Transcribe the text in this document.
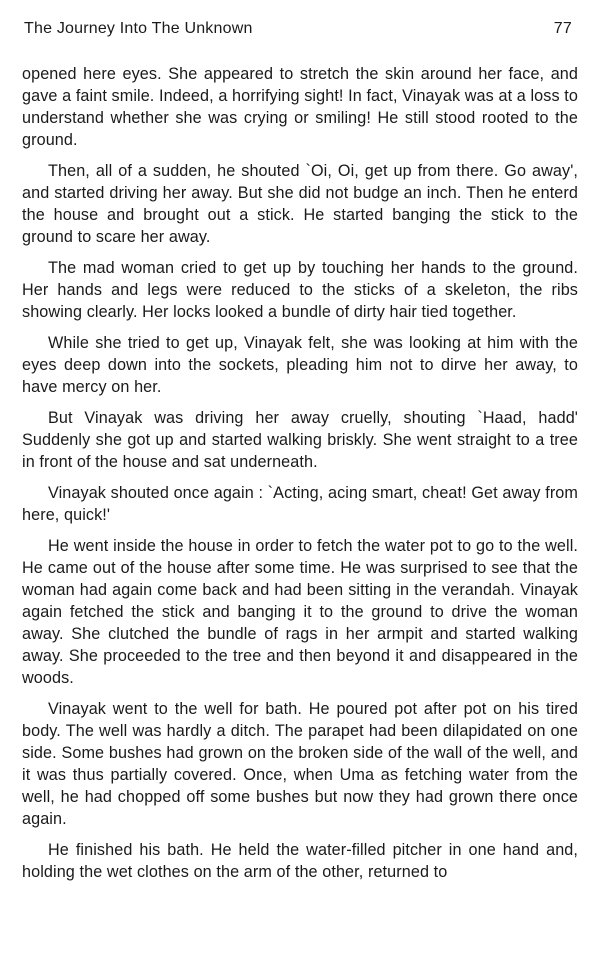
The Journey Into The Unknown	77

opened here eyes. She appeared to stretch the skin around her face, and gave a faint smile. Indeed, a horrifying sight! In fact, Vinayak was at a loss to understand whether she was crying or smiling! He still stood rooted to the ground.

Then, all of a sudden, he shouted `Oi, Oi, get up from there. Go away', and started driving her away. But she did not budge an inch. Then he enterd the house and brought out a stick. He started banging the stick to the ground to scare her away.

The mad woman cried to get up by touching her hands to the ground. Her hands and legs were reduced to the sticks of a skeleton, the ribs showing clearly. Her locks looked a bundle of dirty hair tied together.

While she tried to get up, Vinayak felt, she was looking at him with the eyes deep down into the sockets, pleading him not to dirve her away, to have mercy on her.

But Vinayak was driving her away cruelly, shouting `Haad, hadd' Suddenly she got up and started walking briskly. She went straight to a tree in front of the house and sat underneath.

Vinayak shouted once again : `Acting, acing smart, cheat! Get away from here, quick!'

He went inside the house in order to fetch the water pot to go to the well. He came out of the house after some time. He was surprised to see that the woman had again come back and had been sitting in the verandah. Vinayak again fetched the stick and banging it to the ground to drive the woman away. She clutched the bundle of rags in her armpit and started walking away. She proceeded to the tree and then beyond it and disappeared in the woods.

Vinayak went to the well for bath. He poured pot after pot on his tired body. The well was hardly a ditch. The parapet had been dilapidated on one side. Some bushes had grown on the broken side of the wall of the well, and it was thus partially covered. Once, when Uma as fetching water from the well, he had chopped off some bushes but now they had grown there once again.

He finished his bath. He held the water-filled pitcher in one hand and, holding the wet clothes on the arm of the other, returned to
